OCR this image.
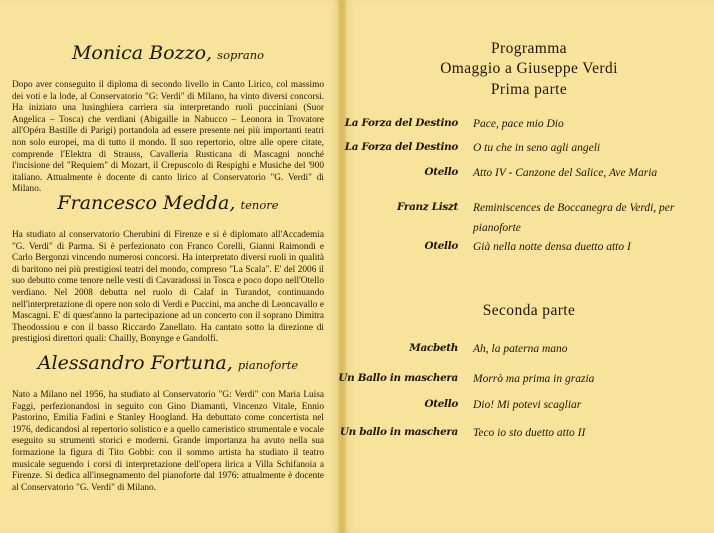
Monica Bozzo, soprano
Dopo aver conseguito il diploma di secondo livello in Canto Lirico, col massimo dei voti e la lode, al Conservatorio "G: Verdi" di Milano, ha vinto diversi concorsi. Ha iniziato una lusinghiera carriera sia interpretando ruoli pucciniani (Suor Angelica – Tosca) che verdiani (Abigaille in Nabucco – Leonora in Trovatore all'Opéra Bastille di Parigi) portandola ad essere presente nei più importanti teatri non solo europei, ma di tutto il mondo. Il suo repertorio, oltre alle opere citate, comprende l'Elektra di Strauss, Cavalleria Rusticana di Mascagni nonché l'incisione del "Requiem" di Mozart, il Crepuscolo di Respighi e Musiche del '900 italiano. Attualmente è docente di canto lirico al Conservatorio "G. Verdi" di Milano.
Francesco Medda, tenore
Ha studiato al conservatorio Cherubini di Firenze e si è diplomato all'Accademia "G. Verdi" di Parma. Si è perfezionato con Franco Corelli, Gianni Raimondi e Carlo Bergonzi vincendo numerosi concorsi. Ha interpretato diversi ruoli in qualità di baritono nei più prestigiosi teatri del mondo, compreso "La Scala". E' del 2006 il suo debutto come tenore nelle vesti di Cavaradossi in Tosca e poco dopo nell'Otello verdiano. Nel 2008 debutta nel ruolo di Calaf in Turandot, continuando nell'interpretazione di opere non solo di Verdi e Puccini, ma anche di Leoncavallo e Mascagni. E' di quest'anno la partecipazione ad un concerto con il soprano Dimitra Theodossiou e con il basso Riccardo Zanellato. Ha cantato sotto la direzione di prestigiosi direttori quali: Chailly, Bonynge e Gandolfi.
Alessandro Fortuna, pianoforte
Nato a Milano nel 1956, ha studiato al Conservatorio "G: Verdi" con Maria Luisa Faggi, perfezionandosi in seguito con Gino Diamanti, Vincenzo Vitale, Ennio Pastorino, Emilia Fadini e Stanley Hoogland. Ha debuttato come concertista nel 1976, dedicandosi al repertorio solistico e a quello cameristico strumentale e vocale eseguito su strumenti storici e moderni. Grande importanza ha avuto nella sua formazione la figura di Tito Gobbi: con il sommo artista ha studiato il teatro musicale seguendo i corsi di interpretazione dell'opera lirica a Villa Schifanoia a Firenze. Si dedica all'insegnamento del pianoforte dal 1976: attualmente è docente al Conservatorio "G. Verdi" di Milano.
Programma
Omaggio a Giuseppe Verdi
Prima parte
La Forza del Destino Pace, pace mio Dio
La Forza del Destino O tu che in seno agli angeli
Otello Atto IV - Canzone del Salice, Ave Maria
Franz Liszt Reminiscences de Boccanegra de Verdi, per pianoforte
Otello Già nella notte densa duetto atto I
Seconda parte
Macbeth Ah, la paterna mano
Un Ballo in maschera Morrò ma prima in grazia
Otello Dio! Mi potevi scagliar
Un ballo in maschera Teco io sto duetto atto II
